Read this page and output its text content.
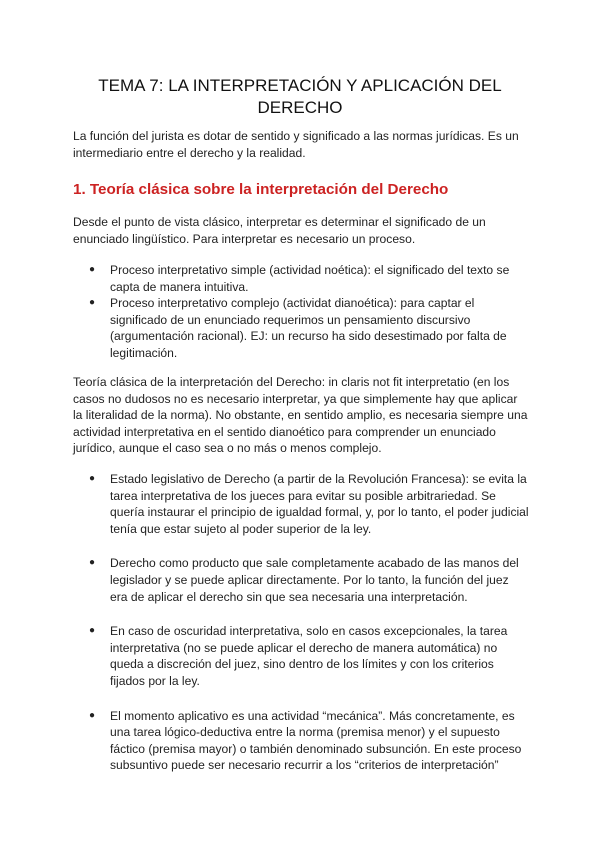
TEMA 7: LA INTERPRETACIÓN Y APLICACIÓN DEL
DERECHO

La función del jurista es dotar de sentido y significado a las normas jurídicas. Es un intermediario entre el derecho y la realidad.

1. Teoría clásica sobre la interpretación del Derecho

Desde el punto de vista clásico, interpretar es determinar el significado de un enunciado lingüístico. Para interpretar es necesario un proceso.

● Proceso interpretativo simple (actividad noética): el significado del texto se capta de manera intuitiva.
● Proceso interpretativo complejo (actividat dianoética): para captar el significado de un enunciado requerimos un pensamiento discursivo (argumentación racional). EJ: un recurso ha sido desestimado por falta de legitimación.

Teoría clásica de la interpretación del Derecho: in claris not fit interpretatio (en los casos no dudosos no es necesario interpretar, ya que simplemente hay que aplicar la literalidad de la norma). No obstante, en sentido amplio, es necesaria siempre una actividad interpretativa en el sentido dianoético para comprender un enunciado jurídico, aunque el caso sea o no más o menos complejo.

● Estado legislativo de Derecho (a partir de la Revolución Francesa): se evita la tarea interpretativa de los jueces para evitar su posible arbitrariedad. Se quería instaurar el principio de igualdad formal, y, por lo tanto, el poder judicial tenía que estar sujeto al poder superior de la ley.
● Derecho como producto que sale completamente acabado de las manos del legislador y se puede aplicar directamente. Por lo tanto, la función del juez era de aplicar el derecho sin que sea necesaria una interpretación.
● En caso de oscuridad interpretativa, solo en casos excepcionales, la tarea interpretativa (no se puede aplicar el derecho de manera automática) no queda a discreción del juez, sino dentro de los límites y con los criterios fijados por la ley.
● El momento aplicativo es una actividad “mecánica”. Más concretamente, es una tarea lógico-deductiva entre la norma (premisa menor) y el supuesto fáctico (premisa mayor) o también denominado subsunción. En este proceso subsuntivo puede ser necesario recurrir a los “criterios de interpretación”
